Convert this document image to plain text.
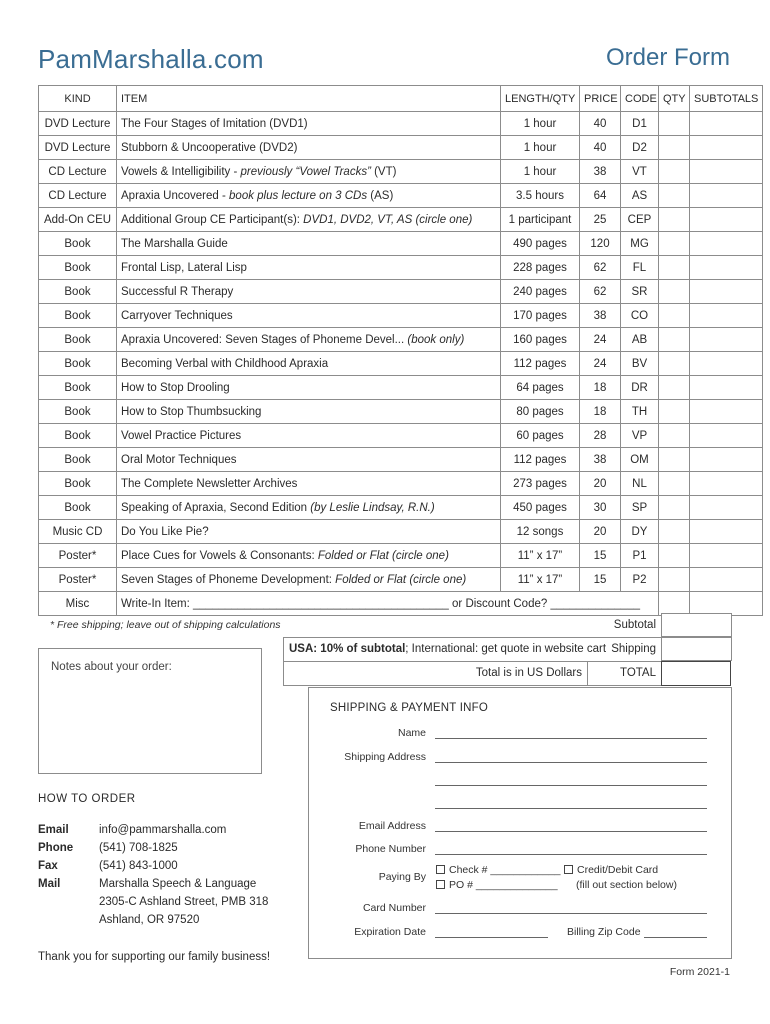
PamMarshalla.com	Order Form
KIND	ITEM	LENGTH/QTY	PRICE	CODE	QTY	SUBTOTALS
DVD Lecture	The Four Stages of Imitation (DVD1)	1 hour	40	D1		
DVD Lecture	Stubborn & Uncooperative (DVD2)	1 hour	40	D2		
CD Lecture	Vowels & Intelligibility - previously “Vowel Tracks” (VT)	1 hour	38	VT		
CD Lecture	Apraxia Uncovered - book plus lecture on 3 CDs (AS)	3.5 hours	64	AS		
Add-On CEU	Additional Group CE Participant(s): DVD1, DVD2, VT, AS (circle one)	1 participant	25	CEP		
Book	The Marshalla Guide	490 pages	120	MG		
Book	Frontal Lisp, Lateral Lisp	228 pages	62	FL		
Book	Successful R Therapy	240 pages	62	SR		
Book	Carryover Techniques	170 pages	38	CO		
Book	Apraxia Uncovered: Seven Stages of Phoneme Devel... (book only)	160 pages	24	AB		
Book	Becoming Verbal with Childhood Apraxia	112 pages	24	BV		
Book	How to Stop Drooling	64 pages	18	DR		
Book	How to Stop Thumbsucking	80 pages	18	TH		
Book	Vowel Practice Pictures	60 pages	28	VP		
Book	Oral Motor Techniques	112 pages	38	OM		
Book	The Complete Newsletter Archives	273 pages	20	NL		
Book	Speaking of Apraxia, Second Edition (by Leslie Lindsay, R.N.)	450 pages	30	SP		
Music CD	Do You Like Pie?	12 songs	20	DY		
Poster*	Place Cues for Vowels & Consonants: Folded or Flat (circle one)	11” x 17”	15	P1		
Poster*	Seven Stages of Phoneme Development: Folded or Flat (circle one)	11” x 17”	15	P2		
Misc	Write-In Item: ________________________________________ or Discount Code? ______________					
* Free shipping; leave out of shipping calculations	Subtotal
USA: 10% of subtotal; International: get quote in website cart Shipping
Total is in US Dollars	TOTAL
Notes about your order:
SHIPPING & PAYMENT INFO
Name
Shipping Address
Email Address
Phone Number
Paying By
Check # ____________
PO # ______________
Credit/Debit Card
(fill out section below)
Card Number
Expiration Date	Billing Zip Code
HOW TO ORDER
Email	info@pammarshalla.com
Phone (541) 708-1825
Fax	(541) 843-1000
Mail	Marshalla Speech & Language
2305-C Ashland Street, PMB 318
Ashland, OR 97520
Thank you for supporting our family business!
Form 2021-1
